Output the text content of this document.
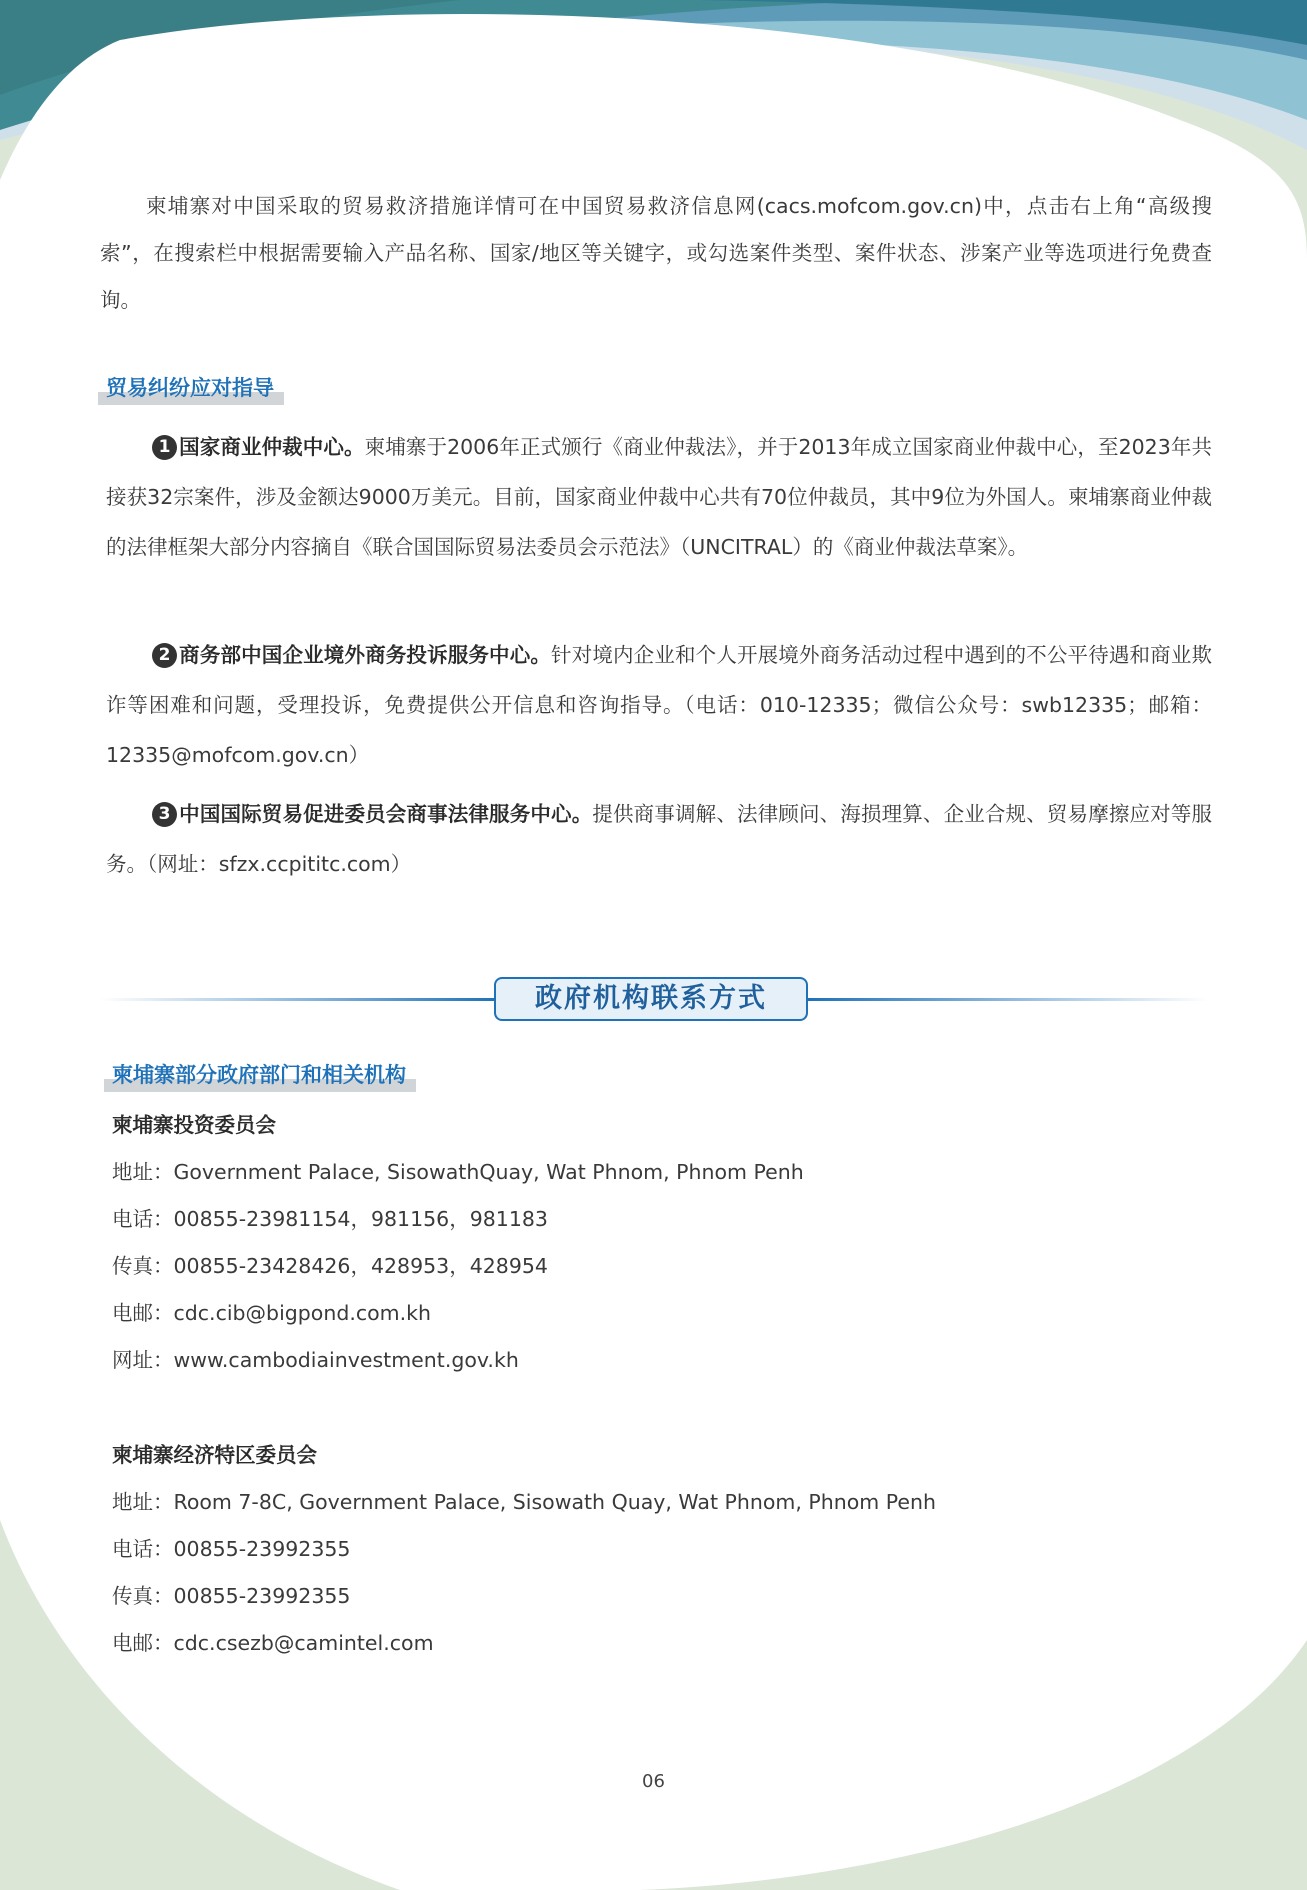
柬埔寨对中国采取的贸易救济措施详情可在中国贸易救济信息网(cacs.mofcom.gov.cn)中，点击右上角“高级搜索”，在搜索栏中根据需要输入产品名称、国家/地区等关键字，或勾选案件类型、案件状态、涉案产业等选项进行免费查询。

贸易纠纷应对指导

1 国家商业仲裁中心。柬埔寨于2006年正式颁行《商业仲裁法》，并于2013年成立国家商业仲裁中心，至2023年共接获32宗案件，涉及金额达9000万美元。目前，国家商业仲裁中心共有70位仲裁员，其中9位为外国人。柬埔寨商业仲裁的法律框架大部分内容摘自《联合国国际贸易法委员会示范法》（UNCITRAL）的《商业仲裁法草案》。

2 商务部中国企业境外商务投诉服务中心。针对境内企业和个人开展境外商务活动过程中遇到的不公平待遇和商业欺诈等困难和问题，受理投诉，免费提供公开信息和咨询指导。（电话：010-12335；微信公众号：swb12335；邮箱：12335@mofcom.gov.cn）

3 中国国际贸易促进委员会商事法律服务中心。提供商事调解、法律顾问、海损理算、企业合规、贸易摩擦应对等服务。（网址：sfzx.ccpititc.com）

政府机构联系方式
柬埔寨部分政府部门和相关机构
柬埔寨投资委员会
地址：Government Palace, SisowathQuay, Wat Phnom, Phnom Penh
电话：00855-23981154，981156，981183
传真：00855-23428426，428953，428954
电邮：cdc.cib@bigpond.com.kh
网址：www.cambodiainvestment.gov.kh
柬埔寨经济特区委员会
地址：Room 7-8C, Government Palace, Sisowath Quay, Wat Phnom, Phnom Penh
电话：00855-23992355
传真：00855-23992355
电邮：cdc.csezb@camintel.com
06
